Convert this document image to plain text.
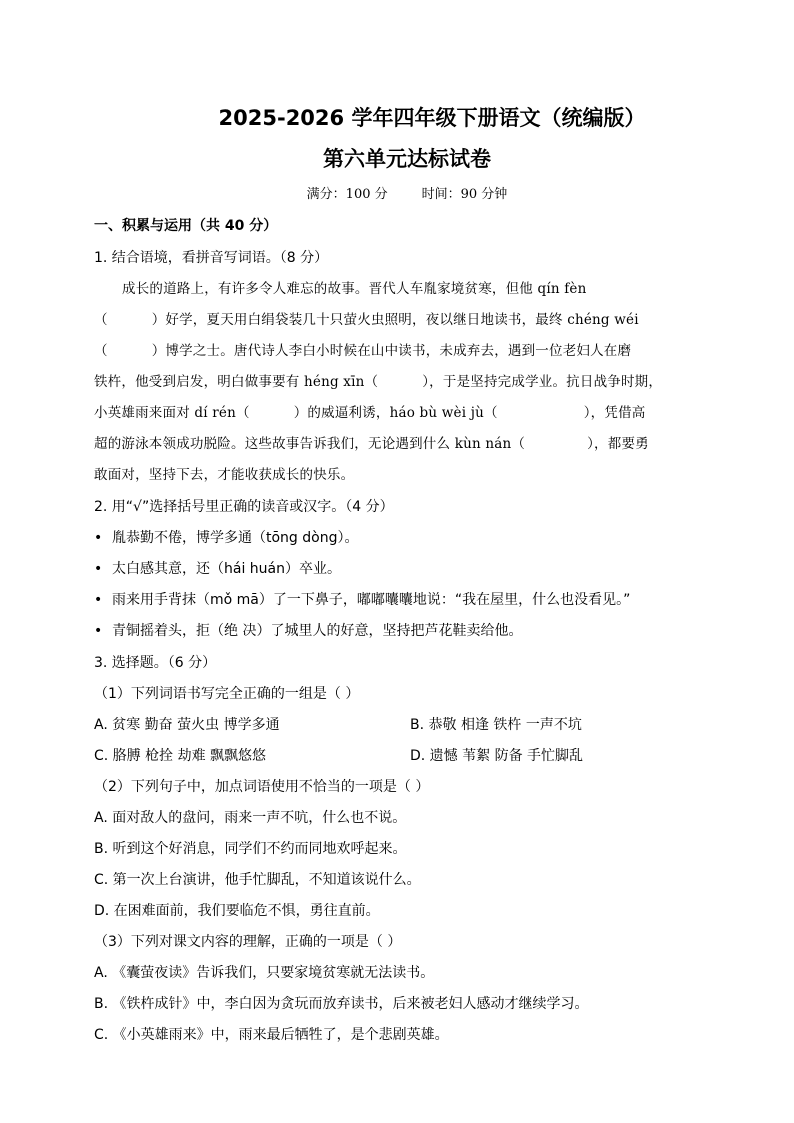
2025-2026 学年四年级下册语文（统编版）
第六单元达标试卷
满分：100 分	时间：90 分钟
一、积累与运用（共 40 分）
1. 结合语境，看拼音写词语。（8 分）
成长的道路上，有许多令人难忘的故事。晋代人车胤家境贫寒，但他 qín fèn
（	）好学，夏天用白绢袋装几十只萤火虫照明，夜以继日地读书，最终 chéng wéi
（	）博学之士。唐代诗人李白小时候在山中读书，未成弃去，遇到一位老妇人在磨
铁杵，他受到启发，明白做事要有 héng xīn（	），于是坚持完成学业。抗日战争时期，
小英雄雨来面对 dí rén（	）的威逼利诱，háo bù wèi jù（	），凭借高
超的游泳本领成功脱险。这些故事告诉我们，无论遇到什么 kùn nán（	），都要勇
敢面对，坚持下去，才能收获成长的快乐。
2. 用“√”选择括号里正确的读音或汉字。（4 分）
• 胤恭勤不倦，博学多通（tōng dòng）。
• 太白感其意，还（hái huán）卒业。
• 雨来用手背抹（mǒ mā）了一下鼻子，嘟嘟囔囔地说：“我在屋里，什么也没看见。”
• 青铜摇着头，拒（绝 决）了城里人的好意，坚持把芦花鞋卖给他。
3. 选择题。（6 分）
（1）下列词语书写完全正确的一组是（ ）
A. 贫寒 勤奋 萤火虫 博学多通	B. 恭敬 相逢 铁杵 一声不坑
C. 胳膊 枪拴 劫难 飘飘悠悠	D. 遗憾 苇絮 防备 手忙脚乱
（2）下列句子中，加点词语使用不恰当的一项是（ ）
A. 面对敌人的盘问，雨来一声不吭，什么也不说。
B. 听到这个好消息，同学们不约而同地欢呼起来。
C. 第一次上台演讲，他手忙脚乱，不知道该说什么。
D. 在困难面前，我们要临危不惧，勇往直前。
（3）下列对课文内容的理解，正确的一项是（ ）
A. 《囊萤夜读》告诉我们，只要家境贫寒就无法读书。
B. 《铁杵成针》中，李白因为贪玩而放弃读书，后来被老妇人感动才继续学习。
C. 《小英雄雨来》中，雨来最后牺牲了，是个悲剧英雄。
